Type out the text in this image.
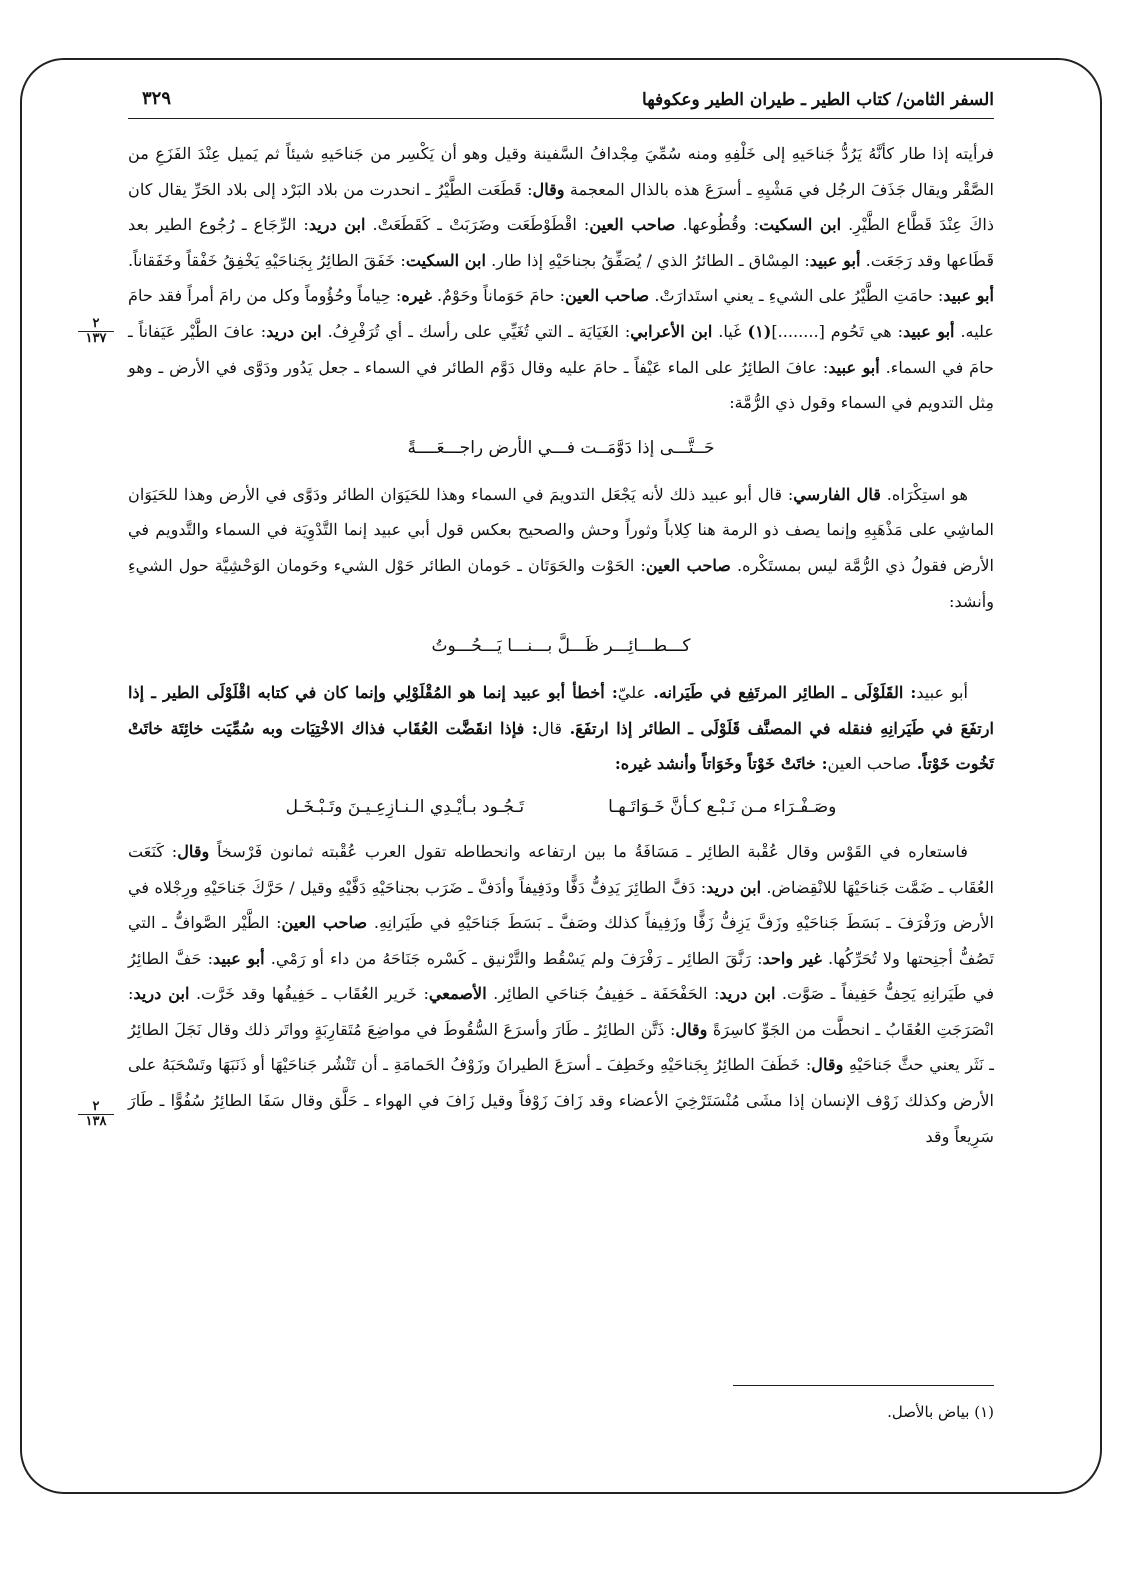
السفر الثامن/ كتاب الطير ـ طيران الطير وعكوفها
٣٢٩
٢
١٣٧
٢
١٣٨

فرأيته إذا طار كأنَّهُ يَرُدُّ جَناحَيهِ إلى خَلْفِهِ ومنه سُمِّيَ مِجْدافُ السَّفينة وقيل وهو أن يَكْسِر من جَناحَيهِ شيئاً ثم يَميل عِنْدَ الفَزَعِ من الصَّقْر ويقال جَذَفَ الرجُل في مَشْيِهِ ـ أسرَعَ هذه بالذال المعجمة وقال: قَطَعَت الطَّيْرُ ـ انحدرت من بلاد البَرْد إلى بلاد الحَرِّ يقال كان ذاكَ عِنْدَ قَطَّاع الطَّيْرِ. ابن السكيت: وقُطُوعها. صاحب العين: اقْطَوْطَعَت وضَرَبَتْ ـ كَقَطَعَتْ. ابن دريد: الرِّجَاع ـ رُجُوع الطير بعد قَطَاعها وقد رَجَعَت. أبو عبيد: المِسْاق ـ الطائرُ الذي / يُصَفِّقُ بجناحَيْهِ إذا طار. ابن السكيت: خَفَقَ الطائِرُ بِجَناحَيْهِ يَخْفِقُ خَفْقاً وخَفَقاناً. أبو عبيد: حامَتِ الطَّيْرُ على الشيءِ ـ يعني استَدارَتْ. صاحب العين: حامَ حَوَماناً وحَوْمٌ. غيره: حِياماً وحُؤُوماً وكل من رامَ أمراً فقد حامَ عليه. أبو عبيد: هي تَحُوم [........](١) غَيا. ابن الأعرابي: الغَيَايَة ـ التي تُغَيِّي على رأسك ـ أي تُرَفْرِفُ. ابن دريد: عافَ الطَّيْر عَيَفاناً ـ حامَ في السماء. أبو عبيد: عافَ الطائِرُ على الماء عَيْفاً ـ حامَ عليه وقال دَوَّم الطائر في السماء ـ جعل يَدُور ودَوَّى في الأرض ـ وهو مِثل التدويم في السماء وقول ذي الرُّمَّة:

حَــتَّـــى إذا دَوَّمَــت فـــي الأرض راجـــعَــــةً

هو استِكْرَاه. قال الفارسي: قال أبو عبيد ذلك لأنه يَجْعَل التدويمَ في السماء وهذا للحَيَوَان الطائر ودَوَّى في الأرض وهذا للحَيَوَان الماشِي على مَذْهَبِهِ وإنما يصف ذو الرمة هنا كِلاباً وثوراً وحش والصحيح بعكس قول أبي عبيد إنما التَّدْوِيَة في السماء والتَّدويم في الأرض فقولُ ذي الرُّمَّة ليس بمستَكْره. صاحب العين: الحَوْت والحَوَتَان ـ حَومان الطائر حَوْل الشيء وحَومان الوَحْشِيَّة حول الشيءِ وأنشد:

كـــطـــائِـــر ظَـــلَّ بـــنـــا يَـــحُـــوتُ

أبو عبيد: القَلَوْلَى ـ الطائِر المرتَفِع في طَيَرانه. عليّ: أخطأ أبو عبيد إنما هو المُقْلَوْلِي وإنما كان في كتابه اقْلَوْلَى الطير ـ إذا ارتفَعَ في طَيَرانِهِ فنقله في المصنَّف قَلَوْلَى ـ الطائر إذا ارتفَعَ. قال: فإذا انقَضَّت العُقَاب فذاك الاخْتِيَات وبه سُمِّيَت خائِتَة خاتَتْ تَخُوت خَوْتاً. صاحب العين: خاتَتْ خَوْتاً وخَوَاتاً وأنشد غيره:

وصَـفْـرَاء مـن نَـبْـع كـأنَّ خَـوَاتَـهـا
تَـجُـود بـأيْـدِي الـنـازِعِـيـنَ وتَـبْـخَـل

فاستعاره في القَوْس وقال عُقْبة الطائِر ـ مَسَافَةُ ما بين ارتفاعه وانحطاطه تقول العرب عُقْبته ثمانون فَرْسخاً وقال: كَنَعَت العُقَاب ـ ضَمَّت جَناحَيْهَا للانْقِضاض. ابن دريد: دَفَّ الطائِرَ يَدِفُّ دَفًّا ودَفِيفاً وأدَفَّ ـ ضَرَب بجناحَيْهِ دَفَّيْهِ وقيل / حَرَّكَ جَناحَيْهِ ورِجْلاه في الأرض ورَفْرَفَ ـ بَسَطَ جَناحَيْهِ وزَفَّ يَزِفُّ زَفًّا وزَفِيفاً كذلك وصَفَّ ـ بَسَطَ جَناحَيْهِ في طَيَرانِهِ. صاحب العين: الطَّيْر الصَّوافُّ ـ التي تَصُفُّ أجنِحتها ولا تُحَرِّكُها. غير واحد: رَنَّقَ الطائِر ـ رَفْرَفَ ولم يَسْقُط والتَّرْنيق ـ كَسْره جَنَاحَهُ من داء أو رَمْي. أبو عبيد: حَفَّ الطائِرُ في طَيَرانِهِ يَحِفُّ حَفِيفاً ـ صَوَّت. ابن دريد: الحَفْحَفَة ـ حَفِيفُ جَناحَي الطائِر. الأصمعي: خَرير العُقَاب ـ حَفِيفُها وقد خَرَّت. ابن دريد: انْصَرَجَتِ العُقَابُ ـ انحطَّت من الجَوِّ كاسِرَةً وقال: ذَتَّن الطائِرُ ـ طَارَ وأسرَعَ السُّقُوطَ في مواضِعَ مُتَقارِبَةٍ وواتَر ذلك وقال نَجَلَ الطائِرُ ـ نَثَر يعني حثَّ جَناحَيْهِ وقال: خَطَفَ الطائِرُ بِجَناحَيْهِ وخَطِفَ ـ أسرَعَ الطيرانَ وزَوْفُ الحَمامَةِ ـ أن تَنْشُر جَناحَيْهَا أو ذَنَبَهَا وتَسْحَبَهُ على الأرض وكذلك زَوْف الإنسان إذا مشَى مُنْسَتَرْخِيَ الأعضاء وقد زَافَ زَوْفاً وقيل زَافَ في الهواء ـ حَلَّق وقال سَفَا الطائِرُ سُفُوًّا ـ طَارَ سَرِيعاً وقد

(١) بياض بالأصل.
